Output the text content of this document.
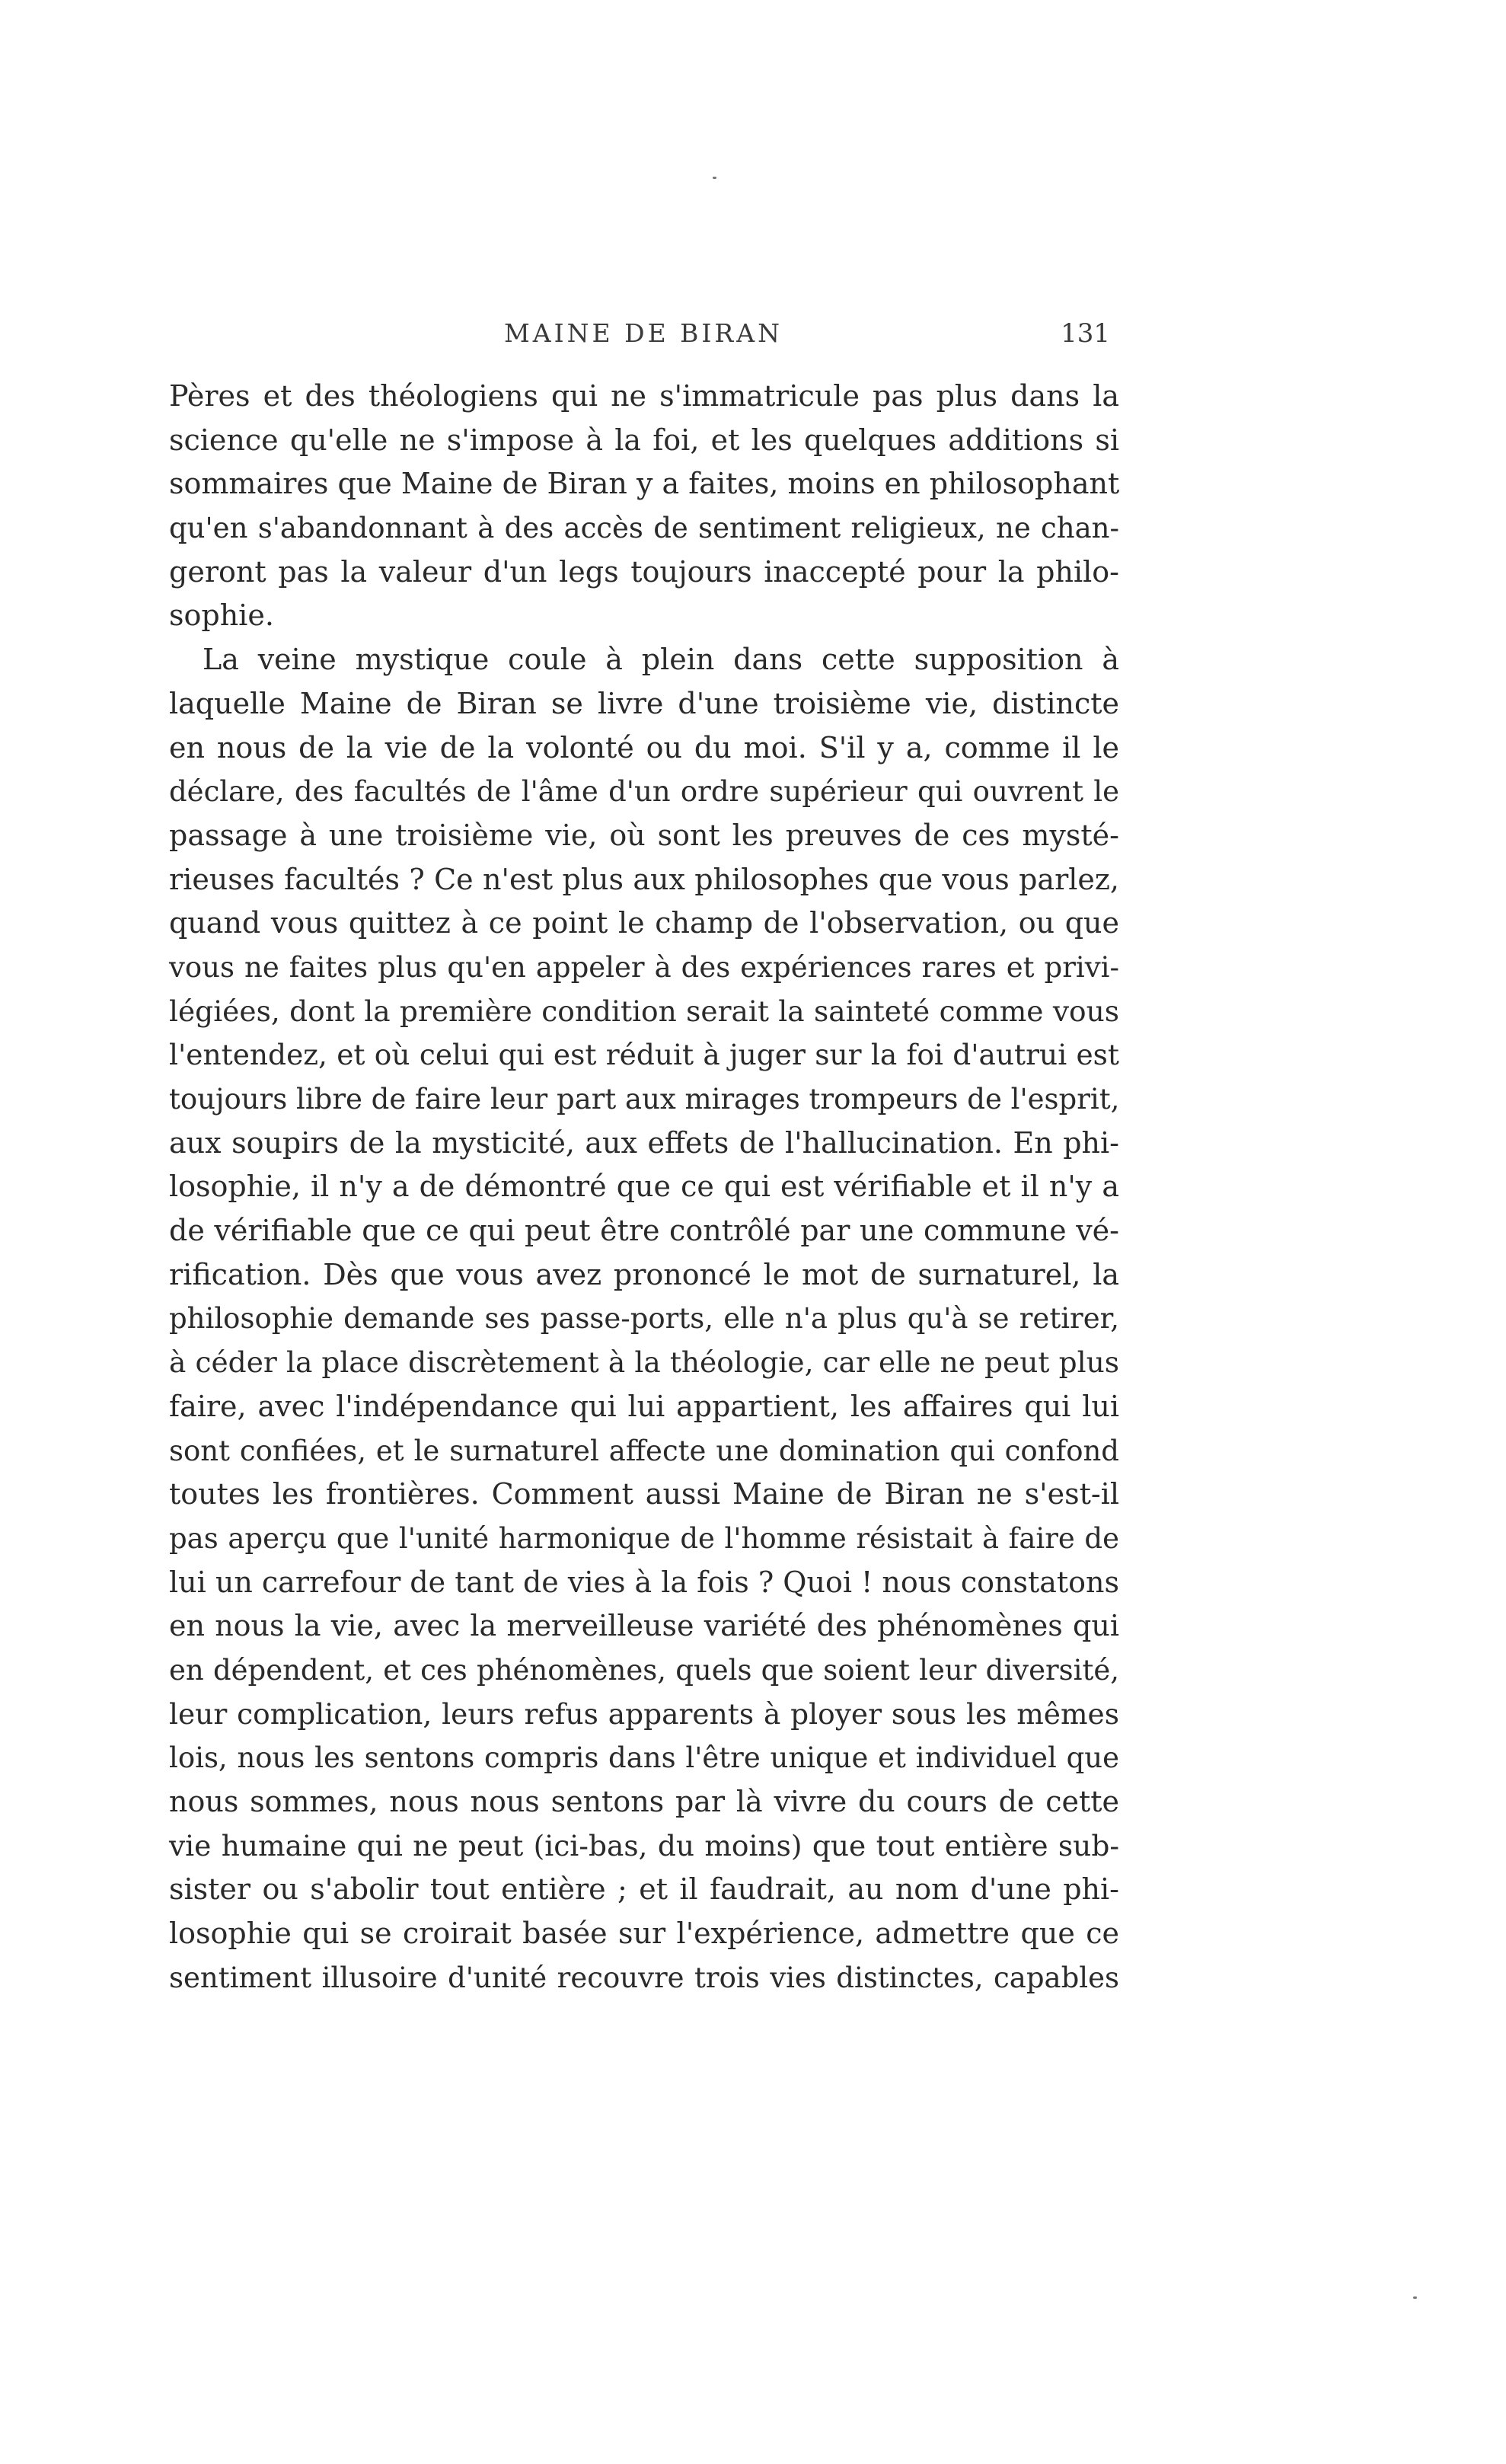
MAINE DE BIRAN	131
Pères et des théologiens qui ne s'immatricule pas plus dans la
science qu'elle ne s'impose à la foi, et les quelques additions si
sommaires que Maine de Biran y a faites, moins en philosophant
qu'en s'abandonnant à des accès de sentiment religieux, ne chan-
geront pas la valeur d'un legs toujours inaccepté pour la philo-
sophie.
La veine mystique coule à plein dans cette supposition à
laquelle Maine de Biran se livre d'une troisième vie, distincte
en nous de la vie de la volonté ou du moi. S'il y a, comme il le
déclare, des facultés de l'âme d'un ordre supérieur qui ouvrent le
passage à une troisième vie, où sont les preuves de ces mysté-
rieuses facultés ? Ce n'est plus aux philosophes que vous parlez,
quand vous quittez à ce point le champ de l'observation, ou que
vous ne faites plus qu'en appeler à des expériences rares et privi-
légiées, dont la première condition serait la sainteté comme vous
l'entendez, et où celui qui est réduit à juger sur la foi d'autrui est
toujours libre de faire leur part aux mirages trompeurs de l'esprit,
aux soupirs de la mysticité, aux effets de l'hallucination. En phi-
losophie, il n'y a de démontré que ce qui est vérifiable et il n'y a
de vérifiable que ce qui peut être contrôlé par une commune vé-
rification. Dès que vous avez prononcé le mot de surnaturel, la
philosophie demande ses passe-ports, elle n'a plus qu'à se retirer,
à céder la place discrètement à la théologie, car elle ne peut plus
faire, avec l'indépendance qui lui appartient, les affaires qui lui
sont confiées, et le surnaturel affecte une domination qui confond
toutes les frontières. Comment aussi Maine de Biran ne s'est-il
pas aperçu que l'unité harmonique de l'homme résistait à faire de
lui un carrefour de tant de vies à la fois ? Quoi ! nous constatons
en nous la vie, avec la merveilleuse variété des phénomènes qui
en dépendent, et ces phénomènes, quels que soient leur diversité,
leur complication, leurs refus apparents à ployer sous les mêmes
lois, nous les sentons compris dans l'être unique et individuel que
nous sommes, nous nous sentons par là vivre du cours de cette
vie humaine qui ne peut (ici-bas, du moins) que tout entière sub-
sister ou s'abolir tout entière ; et il faudrait, au nom d'une phi-
losophie qui se croirait basée sur l'expérience, admettre que ce
sentiment illusoire d'unité recouvre trois vies distinctes, capables
